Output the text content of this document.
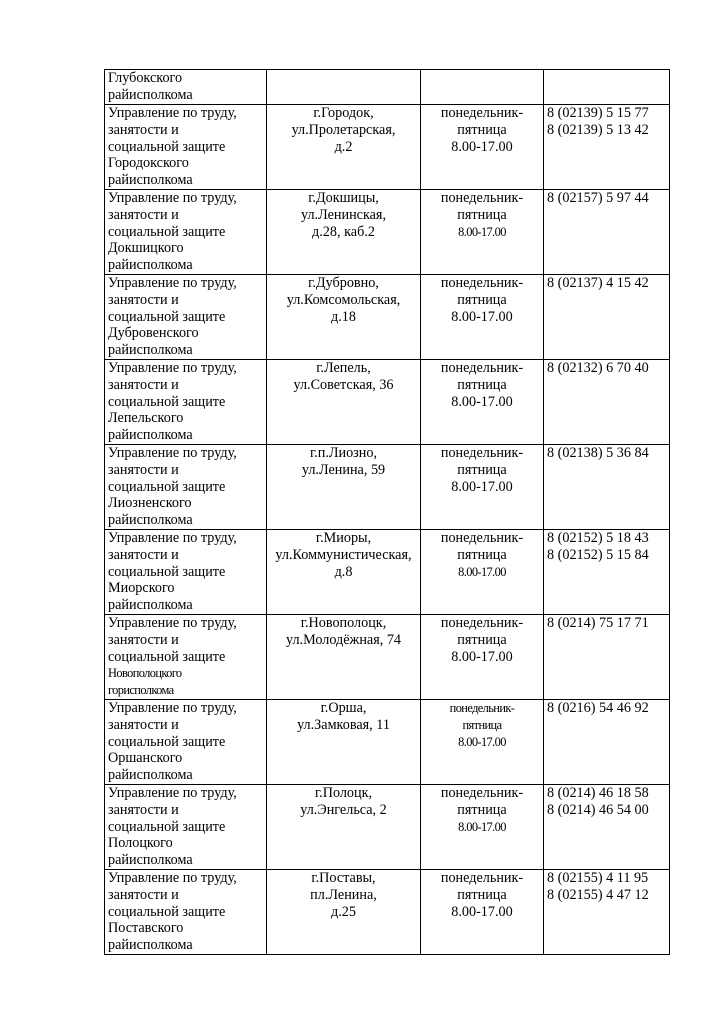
Глубокского
райисполкома			

Управление по труду,
занятости и
социальной защите
Городокского
райисполкома	г.Городок,
ул.Пролетарская,
д.2	понедельник-
пятница
8.00-17.00	8 (02139) 5 15 77
8 (02139) 5 13 42

Управление по труду,
занятости и
социальной защите
Докшицкого
райисполкома	г.Докшицы,
ул.Ленинская,
д.28, каб.2	понедельник-
пятница
8.00-17.00	8 (02157) 5 97 44

Управление по труду,
занятости и
социальной защите
Дубровенского
райисполкома	г.Дубровно,
ул.Комсомольская,
д.18	понедельник-
пятница
8.00-17.00	8 (02137) 4 15 42

Управление по труду,
занятости и
социальной защите
Лепельского
райисполкома	г.Лепель,
ул.Советская, 36	понедельник-
пятница
8.00-17.00	8 (02132) 6 70 40

Управление по труду,
занятости и
социальной защите
Лиозненского
райисполкома	г.п.Лиозно,
ул.Ленина, 59	понедельник-
пятница
8.00-17.00	8 (02138) 5 36 84

Управление по труду,
занятости и
социальной защите
Миорского
райисполкома	г.Миоры,
ул.Коммунистическая,
д.8	понедельник-
пятница
8.00-17.00	8 (02152) 5 18 43
8 (02152) 5 15 84

Управление по труду,
занятости и
социальной защите
Новополоцкого
горисполкома	г.Новополоцк,
ул.Молодёжная, 74	понедельник-
пятница
8.00-17.00	8 (0214) 75 17 71

Управление по труду,
занятости и
социальной защите
Оршанского
райисполкома	г.Орша,
ул.Замковая, 11	понедельник-
пятница
8.00-17.00	8 (0216) 54 46 92

Управление по труду,
занятости и
социальной защите
Полоцкого
райисполкома	г.Полоцк,
ул.Энгельса, 2	понедельник-
пятница
8.00-17.00	8 (0214) 46 18 58
8 (0214) 46 54 00

Управление по труду,
занятости и
социальной защите
Поставского
райисполкома	г.Поставы,
пл.Ленина,
д.25	понедельник-
пятница
8.00-17.00	8 (02155) 4 11 95
8 (02155) 4 47 12
